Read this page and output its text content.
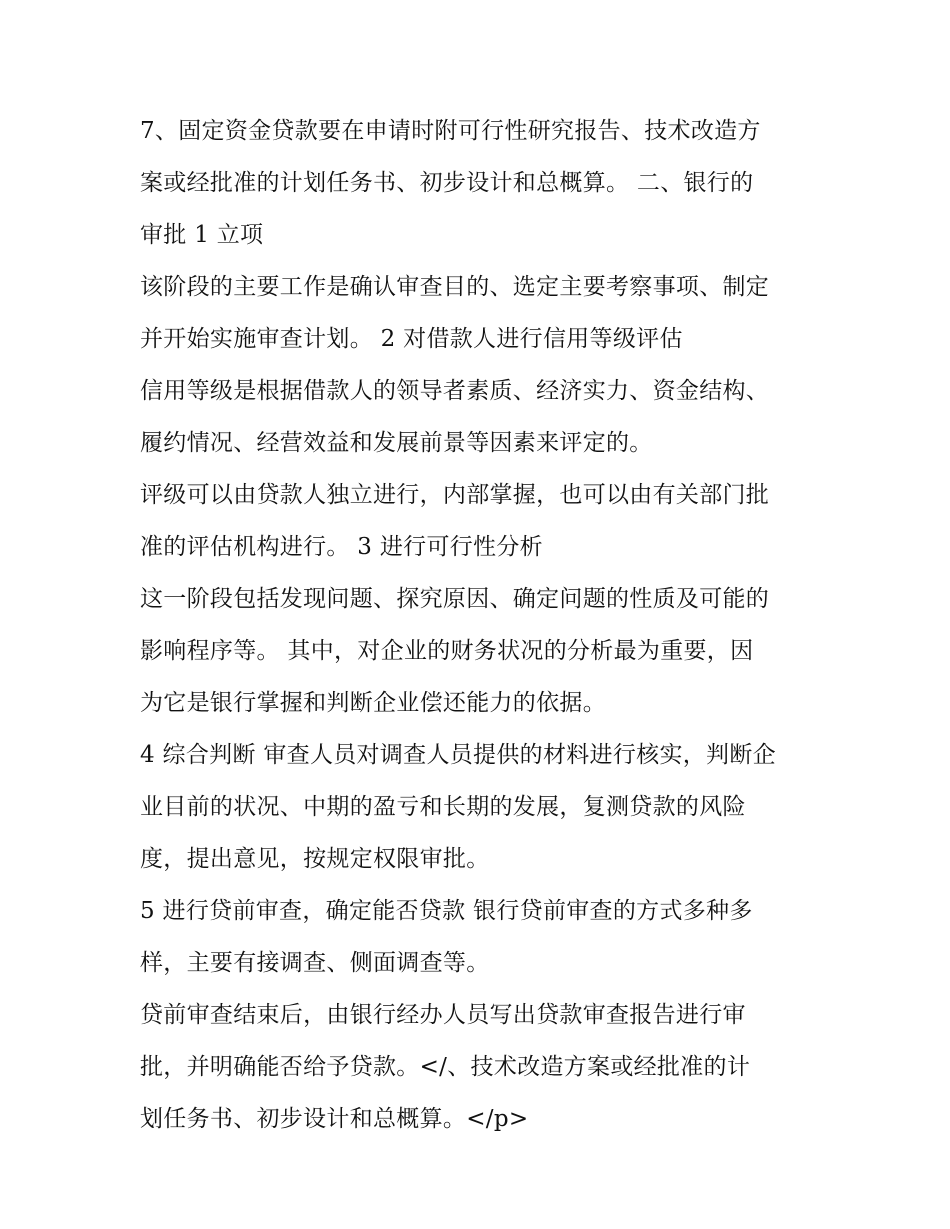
7、固定资金贷款要在申请时附可行性研究报告、技术改造方
案或经批准的计划任务书、初步设计和总概算。 二、银行的
审批 1 立项
该阶段的主要工作是确认审查目的、选定主要考察事项、制定
并开始实施审查计划。 2 对借款人进行信用等级评估
信用等级是根据借款人的领导者素质、经济实力、资金结构、
履约情况、经营效益和发展前景等因素来评定的。
评级可以由贷款人独立进行，内部掌握，也可以由有关部门批
准的评估机构进行。 3 进行可行性分析
这一阶段包括发现问题、探究原因、确定问题的性质及可能的
影响程序等。 其中，对企业的财务状况的分析最为重要，因
为它是银行掌握和判断企业偿还能力的依据。
4 综合判断 审查人员对调查人员提供的材料进行核实，判断企
业目前的状况、中期的盈亏和长期的发展，复测贷款的风险
度，提出意见，按规定权限审批。
5 进行贷前审查，确定能否贷款 银行贷前审查的方式多种多
样，主要有接调查、侧面调查等。
贷前审查结束后，由银行经办人员写出贷款审查报告进行审
批，并明确能否给予贷款。</、技术改造方案或经批准的计
划任务书、初步设计和总概算。</p>
